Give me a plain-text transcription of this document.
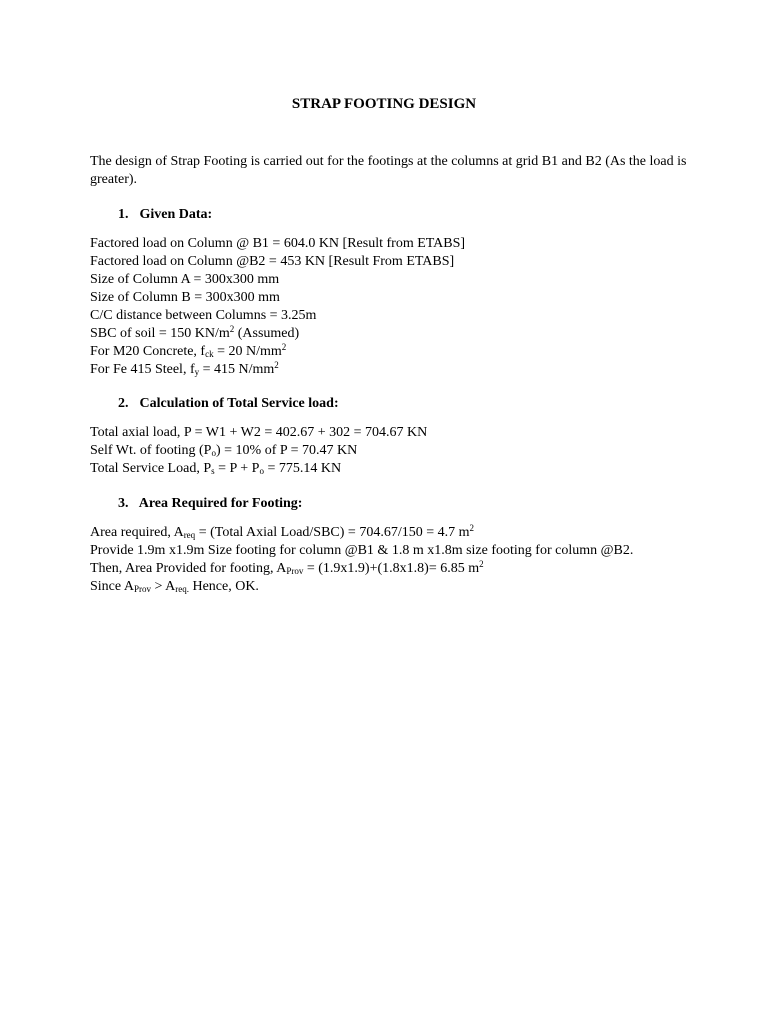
STRAP FOOTING DESIGN
The design of Strap Footing is carried out for the footings at the columns at grid B1 and B2 (As the load is greater).
1. Given Data:
Factored load on Column @ B1 = 604.0 KN [Result from ETABS]
Factored load on Column @B2 = 453 KN [Result From ETABS]
Size of Column A = 300x300 mm
Size of Column B = 300x300 mm
C/C distance between Columns = 3.25m
SBC of soil = 150 $KN/m^2$ (Assumed)
For M20 Concrete, $f_{ck} = 20$ $N/mm^2$
For Fe 415 Steel, $f_y = 415$ $N/mm^2$
2. Calculation of Total Service load:
Total axial load, P = W1 + W2 = 402.67 + 302 = 704.67 KN
Self Wt. of footing $(P_o) = 10\%$ of P = 70.47 KN
Total Service Load, $P_s = P + P_o = 775.14$ KN
3. Area Required for Footing:
Area required, $A_{req}$ = (Total Axial Load/SBC) = 704.67/150 = 4.7 $m^2$
Provide 1.9m x1.9m Size footing for column @B1 & 1.8 m x1.8m size footing for column @B2.
Then, Area Provided for footing, $A_{Prov} = (1.9x1.9)+(1.8x1.8)= 6.85$ $m^2$
Since $A_{Prov} > A_{req.}$ Hence, OK.
